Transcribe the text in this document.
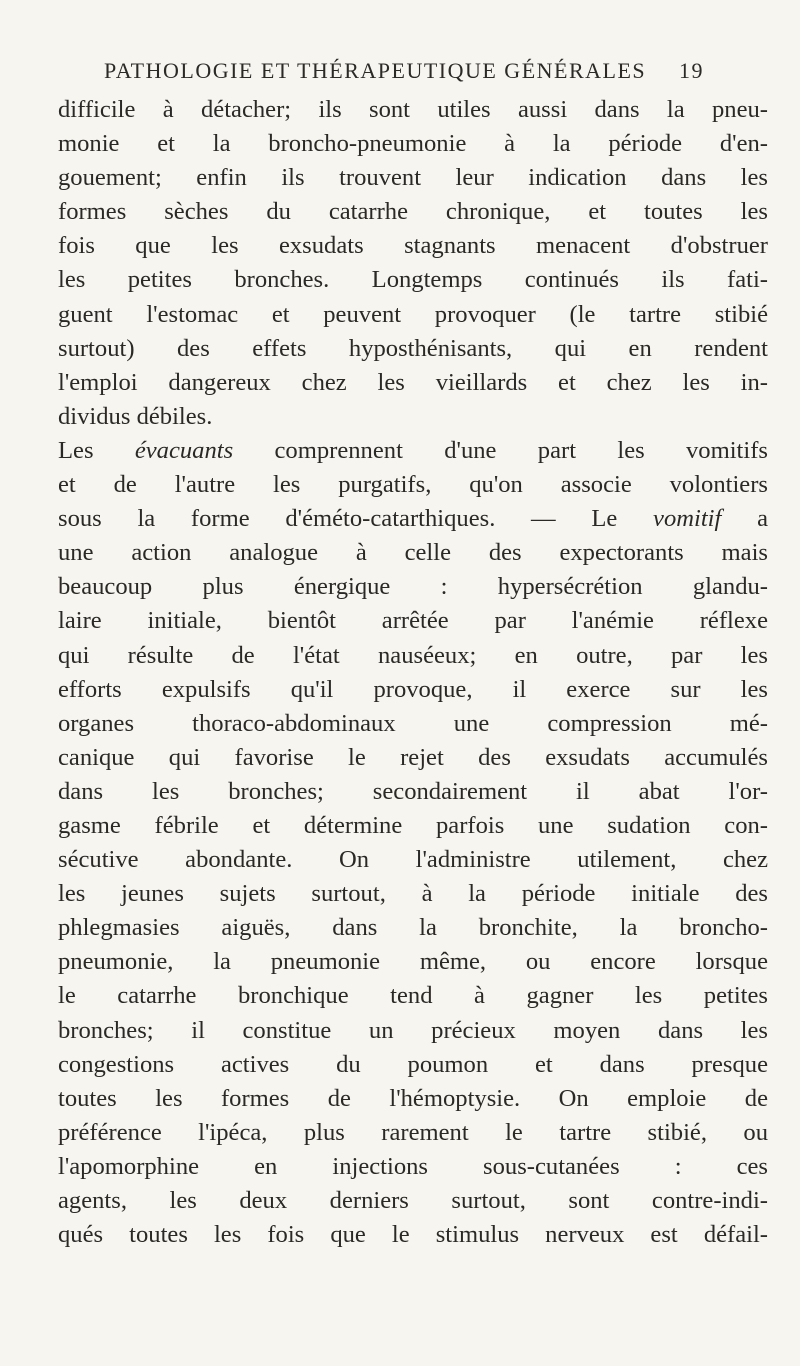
PATHOLOGIE ET THÉRAPEUTIQUE GÉNÉRALES 19
difficile à détacher; ils sont utiles aussi dans la pneu-
monie et la broncho-pneumonie à la période d'en-
gouement; enfin ils trouvent leur indication dans les
formes sèches du catarrhe chronique, et toutes les
fois que les exsudats stagnants menacent d'obstruer
les petites bronches. Longtemps continués ils fati-
guent l'estomac et peuvent provoquer (le tartre stibié
surtout) des effets hyposthénisants, qui en rendent
l'emploi dangereux chez les vieillards et chez les in-
dividus débiles.
Les évacuants comprennent d'une part les vomitifs
et de l'autre les purgatifs, qu'on associe volontiers
sous la forme d'éméto-catarthiques. — Le vomitif a
une action analogue à celle des expectorants mais
beaucoup plus énergique : hypersécrétion glandu-
laire initiale, bientôt arrêtée par l'anémie réflexe
qui résulte de l'état nauséeux; en outre, par les
efforts expulsifs qu'il provoque, il exerce sur les
organes thoraco-abdominaux une compression mé-
canique qui favorise le rejet des exsudats accumulés
dans les bronches; secondairement il abat l'or-
gasme fébrile et détermine parfois une sudation con-
sécutive abondante. On l'administre utilement, chez
les jeunes sujets surtout, à la période initiale des
phlegmasies aiguës, dans la bronchite, la broncho-
pneumonie, la pneumonie même, ou encore lorsque
le catarrhe bronchique tend à gagner les petites
bronches; il constitue un précieux moyen dans les
congestions actives du poumon et dans presque
toutes les formes de l'hémoptysie. On emploie de
préférence l'ipéca, plus rarement le tartre stibié, ou
l'apomorphine en injections sous-cutanées : ces
agents, les deux derniers surtout, sont contre-indi-
qués toutes les fois que le stimulus nerveux est défail-
